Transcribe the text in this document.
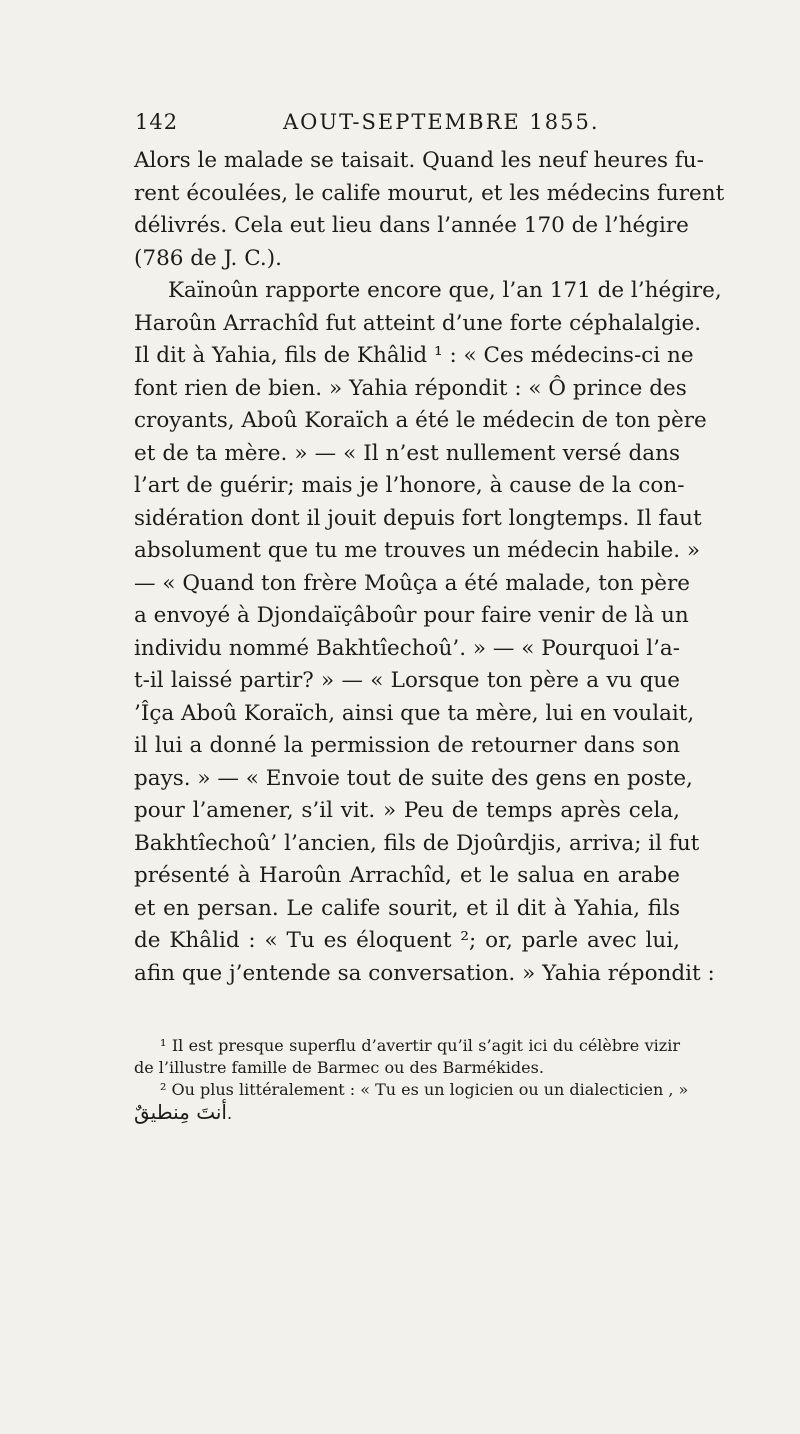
142	AOUT-SEPTEMBRE 1855.
Alors le malade se taisait. Quand les neuf heures fu-
rent écoulées, le calife mourut, et les médecins furent
délivrés. Cela eut lieu dans l’année 170 de l’hégire
(786 de J. C.).
Kaïnoûn rapporte encore que, l’an 171 de l’hégire,
Haroûn Arrachîd fut atteint d’une forte céphalalgie.
Il dit à Yahia, fils de Khâlid ¹ : « Ces médecins-ci ne
font rien de bien. » Yahia répondit : « Ô prince des
croyants, Aboû Koraïch a été le médecin de ton père
et de ta mère. » — « Il n’est nullement versé dans
l’art de guérir; mais je l’honore, à cause de la con-
sidération dont il jouit depuis fort longtemps. Il faut
absolument que tu me trouves un médecin habile. »
— « Quand ton frère Moûça a été malade, ton père
a envoyé à Djondaïçâboûr pour faire venir de là un
individu nommé Bakhtîechoû’. » — « Pourquoi l’a-
t-il laissé partir? » — « Lorsque ton père a vu que
’Îça Aboû Koraïch, ainsi que ta mère, lui en voulait,
il lui a donné la permission de retourner dans son
pays. » — « Envoie tout de suite des gens en poste,
pour l’amener, s’il vit. » Peu de temps après cela,
Bakhtîechoû’ l’ancien, fils de Djoûrdjis, arriva; il fut
présenté à Haroûn Arrachîd, et le salua en arabe
et en persan. Le calife sourit, et il dit à Yahia, fils
de Khâlid : « Tu es éloquent ²; or, parle avec lui,
afin que j’entende sa conversation. » Yahia répondit :
¹ Il est presque superflu d’avertir qu’il s’agit ici du célèbre vizir
de l’illustre famille de Barmec ou des Barmékides.
² Ou plus littéralement : « Tu es un logicien ou un dialecticien , »
أنتَ مِنطيقٌ.
